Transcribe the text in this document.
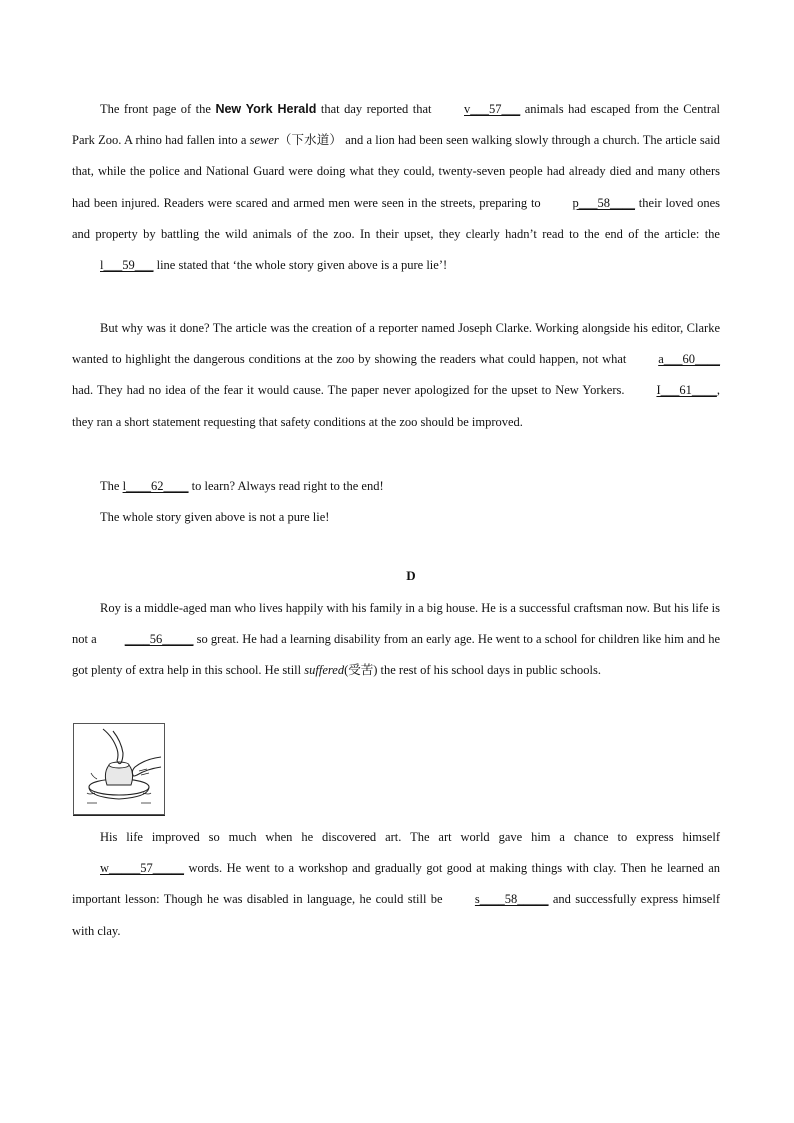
The front page of the New York Herald that day reported that v___57___ animals had escaped from the Central Park Zoo. A rhino had fallen into a sewer（下水道） and a lion had been seen walking slowly through a church. The article said that, while the police and National Guard were doing what they could, twenty-seven people had already died and many others had been injured. Readers were scared and armed men were seen in the streets, preparing to p___58____ their loved ones and property by battling the wild animals of the zoo. In their upset, they clearly hadn’t read to the end of the article: the l___59___ line stated that ‘the whole story given above is a pure lie’!

But why was it done? The article was the creation of a reporter named Joseph Clarke. Working alongside his editor, Clarke wanted to highlight the dangerous conditions at the zoo by showing the readers what could happen, not what a___60____ had. They had no idea of the fear it would cause. The paper never apologized for the upset to New Yorkers. I___61____, they ran a short statement requesting that safety conditions at the zoo should be improved.

The l____62____ to learn? Always read right to the end!

The whole story given above is not a pure lie!

D

Roy is a middle-aged man who lives happily with his family in a big house. He is a successful craftsman now. But his life is not a ____56_____ so great. He had a learning disability from an early age. He went to a school for children like him and he got plenty of extra help in this school. He still suffered(受苦) the rest of his school days in public schools.

His life improved so much when he discovered art. The art world gave him a chance to express himself w_____57_____ words. He went to a workshop and gradually got good at making things with clay. Then he learned an important lesson: Though he was disabled in language, he could still be s____58_____ and successfully express himself with clay.
